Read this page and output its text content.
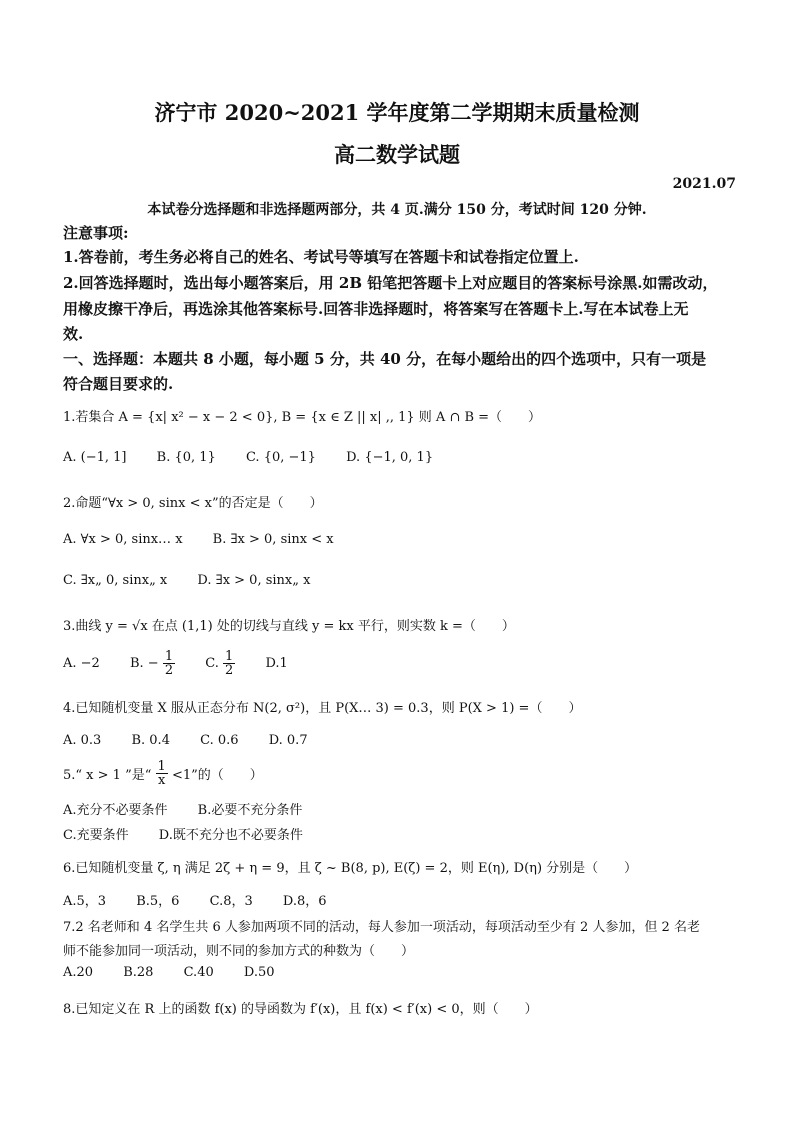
济宁市 2020~2021 学年度第二学期期末质量检测
高二数学试题
2021.07
本试卷分选择题和非选择题两部分，共 4 页.满分 150 分，考试时间 120 分钟.
注意事项:
1.答卷前，考生务必将自己的姓名、考试号等填写在答题卡和试卷指定位置上.
2.回答选择题时，选出每小题答案后，用 2B 铅笔把答题卡上对应题目的答案标号涂黑.如需改动，
用橡皮擦干净后，再选涂其他答案标号.回答非选择题时，将答案写在答题卡上.写在本试卷上无
效.
一、选择题：本题共 8 小题，每小题 5 分，共 40 分，在每小题给出的四个选项中，只有一项是
符合题目要求的.
1.若集合 A = {x| x² − x − 2 < 0}, B = {x ∈ Z || x| ,, 1} 则 A ∩ B =（　　）
A. (−1, 1] B. {0, 1} C. {0, −1} D. {−1, 0, 1}
2.命题“∀x > 0, sinx < x”的否定是（　　）
A. ∀x > 0, sinx… x B. ∃x > 0, sinx < x
C. ∃x„ 0, sinx„ x D. ∃x > 0, sinx„ x
3.曲线 y = √x 在点 (1,1) 处的切线与直线 y = kx 平行，则实数 k =（　　）
A. −2 B. − $\frac{1}{2} C$. $\frac{1}{2} D.1$
4.已知随机变量 X 服从正态分布 N(2, σ²)，且 P(X… 3) = 0.3，则 P(X > 1) =（　　）
A. 0.3 B. 0.4 C. 0.6 D. 0.7
5.“ x > 1 ”是“ $\frac{1}{x} <1$”的（　　）
A.充分不必要条件 B.必要不充分条件
C.充要条件 D.既不充分也不必要条件
6.已知随机变量 ζ, η 满足 2ζ + η = 9，且 ζ ~ B(8, p), E(ζ) = 2，则 E(η), D(η) 分别是（　　）
A.5，3 B.5，6 C.8，3 D.8，6
7.2 名老师和 4 名学生共 6 人参加两项不同的活动，每人参加一项活动，每项活动至少有 2 人参加，但 2 名老
师不能参加同一项活动，则不同的参加方式的种数为（　　）
A.20 B.28 C.40 D.50
8.已知定义在 R 上的函数 f(x) 的导函数为 f′(x)，且 f(x) < f′(x) < 0，则（　　）
